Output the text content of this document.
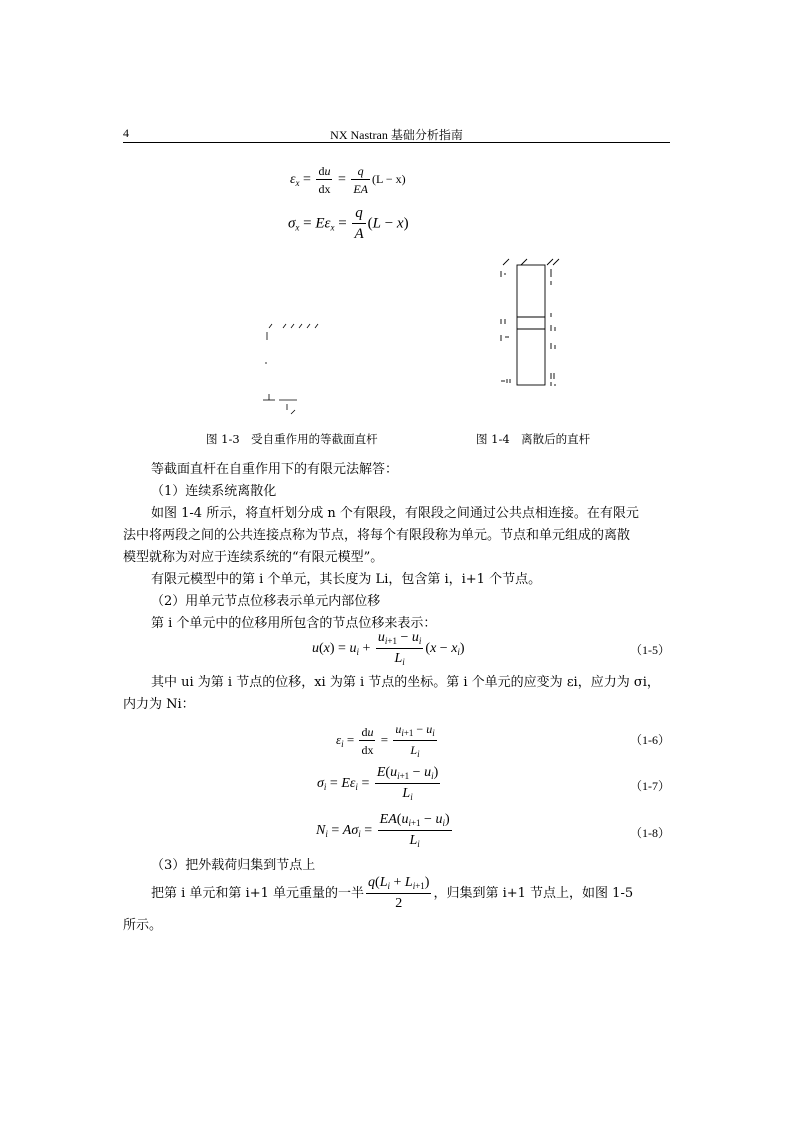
4	NX Nastran 基础分析指南
$\varepsilon_x = \frac{du}{dx} = \frac{q}{EA} (L - x)$
$\sigma_x = E\varepsilon_x = \frac{q}{A} (L - x)$
图 1-3　受自重作用的等截面直杆	图 1-4　离散后的直杆
等截面直杆在自重作用下的有限元法解答：
（1）连续系统离散化
如图 1-4 所示，将直杆划分成 n 个有限段，有限段之间通过公共点相连接。在有限元
法中将两段之间的公共连接点称为节点，将每个有限段称为单元。节点和单元组成的离散
模型就称为对应于连续系统的“有限元模型”。
有限元模型中的第 i 个单元，其长度为 Li，包含第 i，i+1 个节点。
（2）用单元节点位移表示单元内部位移
第 i 个单元中的位移用所包含的节点位移来表示：
$u(x) = u_i + \frac{u_{i+1} - u_i}{L_i} (x - x_i)$	（1-5）
其中 ui 为第 i 节点的位移，xi 为第 i 节点的坐标。第 i 个单元的应变为 εi，应力为 σi，
内力为 Ni：
$\varepsilon_i = \frac{du}{dx} = \frac{u_{i+1} - u_i}{L_i}$	（1-6）
$\sigma_i = E\varepsilon_i = \frac{E(u_{i+1} - u_i)}{L_i}$	（1-7）
$N_i = A\sigma_i = \frac{EA(u_{i+1} - u_i)}{L_i}$	（1-8）
（3）把外载荷归集到节点上
把第 i 单元和第 i+1 单元重量的一半 $\frac{q(L_i + L_{i+1})}{2}$ ，归集到第 i+1 节点上，如图 1-5
所示。
